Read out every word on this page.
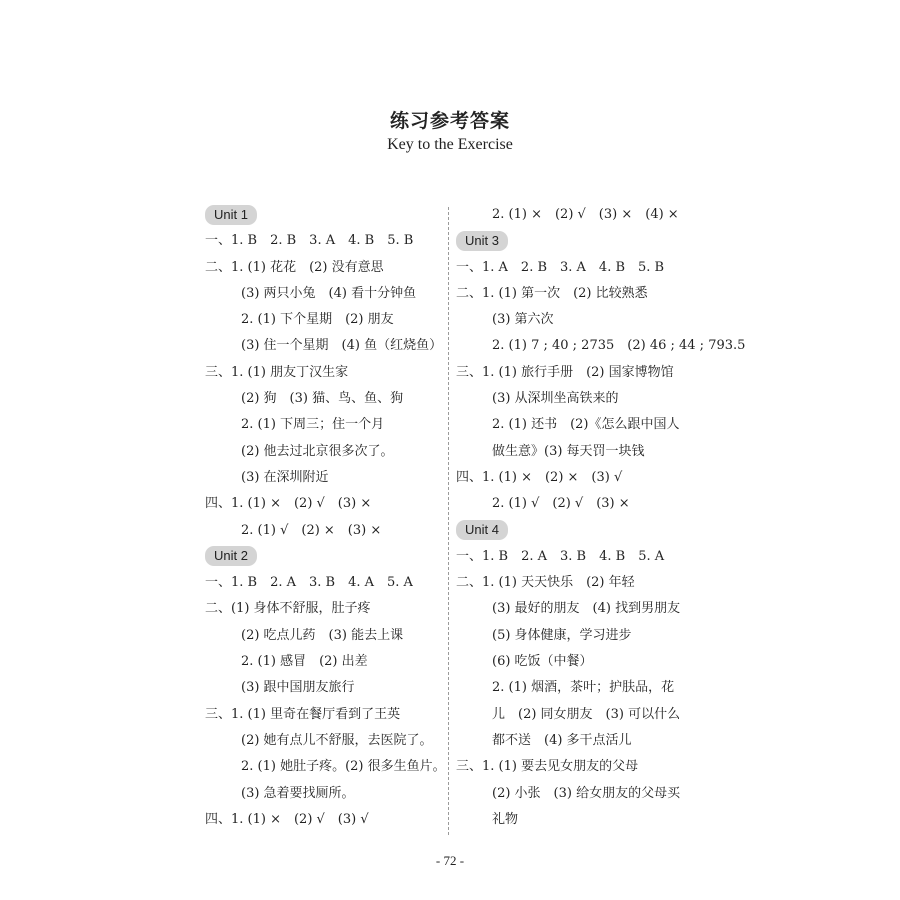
练习参考答案
Key to the Exercise
Unit 1
一、1. B　2. B　3. A　4. B　5. B
二、1. (1) 花花　(2) 没有意思
(3) 两只小兔　(4) 看十分钟鱼
2. (1) 下个星期　(2) 朋友
(3) 住一个星期　(4) 鱼（红烧鱼）
三、1. (1) 朋友丁汉生家
(2) 狗　(3) 猫、鸟、鱼、狗
2. (1) 下周三；住一个月
(2) 他去过北京很多次了。
(3) 在深圳附近
四、1. (1) ×　(2) √　(3) ×
2. (1) √　(2) ×　(3) ×
Unit 2
一、1. B　2. A　3. B　4. A　5. A
二、(1) 身体不舒服，肚子疼
(2) 吃点儿药　(3) 能去上课
2. (1) 感冒　(2) 出差
(3) 跟中国朋友旅行
三、1. (1) 里奇在餐厅看到了王英
(2) 她有点儿不舒服，去医院了。
2. (1) 她肚子疼。(2) 很多生鱼片。
(3) 急着要找厕所。
四、1. (1) ×　(2) √　(3) √
2. (1) ×　(2) √　(3) ×　(4) ×
Unit 3
一、1. A　2. B　3. A　4. B　5. B
二、1. (1) 第一次　(2) 比较熟悉
(3) 第六次
2. (1) 7 ; 40 ; 2735　(2) 46 ; 44 ; 793.5
三、1. (1) 旅行手册　(2) 国家博物馆
(3) 从深圳坐高铁来的
2. (1) 还书　(2)《怎么跟中国人
做生意》(3) 每天罚一块钱
四、1. (1) ×　(2) ×　(3) √
2. (1) √　(2) √　(3) ×
Unit 4
一、1. B　2. A　3. B　4. B　5. A
二、1. (1) 天天快乐　(2) 年轻
(3) 最好的朋友　(4) 找到男朋友
(5) 身体健康，学习进步
(6) 吃饭（中餐）
2. (1) 烟酒，茶叶；护肤品，花
儿　(2) 同女朋友　(3) 可以什么
都不送　(4) 多干点活儿
三、1. (1) 要去见女朋友的父母
(2) 小张　(3) 给女朋友的父母买
礼物
- 72 -
